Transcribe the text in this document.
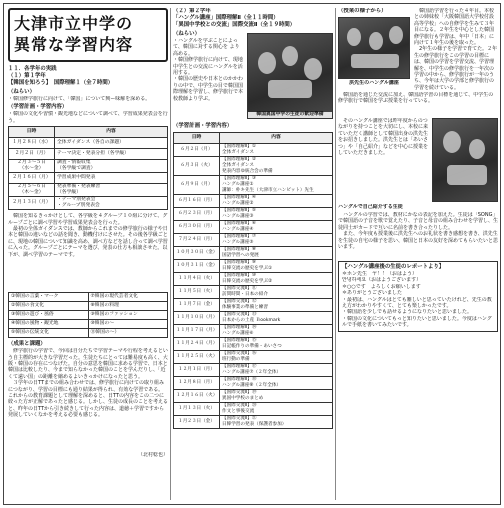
大津市立中学の
異常な学習内容
１１．各学年の実践
（１）第１学年
【韓国を知ろう】　国際理解１（全７時間）
（ねらい）
・韓国修学旅行に向けて、「韓国」について興ー味解を深める。
（学習計画・学習内容）
・韓国の文化や習慣・観光地などについて調べて、学習成果発表会を行う。
日時	内容
１月２８日（水）	全体ガイダンス（各自の課題）
２月２日（月）	テーマ決定・発表分担（各学級）
２月３～５日
（水～金）	調査・情報収集
（各学級で調査）
２月１６日（月）	学習成果中間発表
２月５～６日
（木～金）	発表準備・発表練習
（各学級）
２月１３日（月）	・テーマ別発表会
・グループ別発表会
　韓国を知るきっかけとして、各学級を４グループ１０組に分けて、グループごとに調べ学習や学習成果発表会を行った。
　最初の全体ガイダンスでは、教師からこれまでの修学旅行の様子や日本と韓国の違いなどの話を聞き、動機付けにさせた。その後各学級ごとに、現地の韓国について知識を高め、調べ方などを話し合って調べ学習に入った。グループごとにテーマを選び、発表の仕方も相談させた。以下が、調べ学習のテーマです。
①韓国の言葉・マーク	⑦韓国の現代芸者文化
②韓国の食文化	⑧韓国の料理
③韓国の遊び・風俗	⑨韓国のファッション
④韓国の風物・観光地	⑩韓国の～
⑤韓国の伝統文化	⑪韓国の～）
（成果と課題）
　修学旅行の学習で、今回は自分たちで学習テーマや行程を考えるという自主標的が大きな学習だった。生徒たちにとっては難易度も高く、大阪・韓国の存在につなげた。自分の意思を韓国に求める学習で、日本と韓国は比較したり、今まで知らなかった韓国のことを学んだりし、「近くて遠い国」の距離を縮めるよいきっかけになったと思う。
　３学年の日TTまでの組み合わせでは、修学旅行に向けての取り組みにつながり、学習の目標にも通り結果が得られ、有効な学習である。これからの教育課題として理解を深めると、日TTの内容をこの二つに絞った方が正解であったと感じる。しかし、生徒の成長のことを考えると、昨年の日TTから引き続きして行った内容は、道徳＋学習ですから発展していくなかを考える必要も感じる。
（北村稔也）
（２）第２学年
「ハングル講座」国際理解Ⅱ（全１１時間）
「異国中学校との交流」国際交流Ⅱ（全１９時間）
（ねらい）
・ハングルを学ぶことによって、韓国に対する関心を より高める。
・韓国修学旅行に向けて、現地中学生との交流にハングルを活用する。
・韓国の歴史や日本とのかかわりの中で、中学生の目で韓国国際理解を学習し、修学旅行で本校教師より学ぶ。
韓国異国中学の生徒の歓迎準備
（学習計画・学習内容）
日時	内容
６月２日（月）	【国際理解Ⅱ】①
全体ガイダンス
６月３日（火）	【国際理解Ⅱ】②
全体ガイダンス
発表内容ゆ統合会の準備
６月９日（月）	【国際理解Ⅱ】③
ハングル講座①
講師：朴キ先生（大津市立ハンビット）先生
６月１６日（月）	【国際理解Ⅱ】④
ハングル講座②
６月２３日（月）	【国際理解Ⅱ】⑤
ハングル講座③
６月３０日（月）	【国際理解Ⅱ】⑥
ハングル講座④
７月２４日（月）	【国際理解Ⅱ】⑦
ハングル講座⑤
１０月３０日（金）	【国際理解Ⅱ】⑧
国語学習への発展
１０月３１日（金）	【国際理解Ⅱ】⑨
日韓交流の歴史を学ぶ①
１１月４日（火）	【国際理解Ⅱ】⑩
日韓交流の歴史を学ぶ②
１１月５日（火）	【国際交流Ⅱ】⑪
訪問時間・日本の紹介
１１月７日（金）	【国際交流Ⅱ】⑫
体験事業の準備と練習
１１月１０日（月）	【国際交流Ⅱ】⑬
日本からの土産 Ｂookmark
１１月１７日（月）	【国際理解Ⅱ】⑭
ハングル講座⑥
１１月２４日（月）	【国際理解Ⅱ】⑮
日記帳作りの準備・あいさつ
１１月２５日（火）	【国際交流Ⅱ】⑯
班行動の準備
１２月１日（月）	【国際理解Ⅱ】⑰
ハングル講座⑦（２年全体）
１２月８日（月）	【国際理解Ⅱ】⑱
ハングル講座⑧（２年全体）
１２月１６日（火）	【国際交流Ⅱ】⑲
異国中学校のまとめ
１月１３日（火）	【国際交流Ⅱ】⑳
作文と事後交流
１月２３日（金）	【国際交流Ⅱ】㉑
日韓学習の発表（保護者参加）
（授業の様子から）	　韓国語学習を行った４年目。本校との姉妹校「大阪韓国語大学校付設高等学校」への自修学を生みて３年目になる。２年生を中心とした韓国修学旅行も学習は、年中「日本」に向けて１年生の後を取った。
　2年生の様子を学習で育てた。２年生の修学旅行をこの学習の目標には、韓国の学習を学習交流、学習理解を、中学生の修学旅行を一年次の学習の中から、修学旅行が一年のうち、今年は大学の学部と修学旅行の学習を続けている。
洪先生のハングル講座
　韓国語を通じた交流に加え、韓国語学習の目標を通じて、中学生の修学旅行で韓国を学ぶ授業を行っている。
　そのハングル講座では昨年度からのつながりを持つことを大切にし、本校に来ていただく講師として韓国出身の洪先生をお招きしました。洪先生とは「あいさつ」や「自己紹介」などを中心に授業をしていただきました。
ハングルで自己紹介する生徒
　ハングルの学習では、教材にかなの表記を加えた。生徒は「SONG」で韓国語の子音を歌で覚えたり、子音と母音の組み合わせを学習し、生徒同士がカードで互いに名前を書き合ったりした。
　また、今年度も授業後に洪先生へのお礼状を書き感想を書き、洪先生を生徒の自宅の様子を思い、韓国と日本の友好を深めてもらいたいと思います。
【ハングル講座後の生徒のレポートより】
＊ホン先生　ヤ！！（おはよう）
안녕하세요（おはようございます）
＊○○です　よろしくお願いします
＊ありがとうございました
・最初は、ハングルはとても難しいと思っていたけれど、先生の教え方がわかりやすくて、とても楽しかったです。
・韓国語を少しでも話せるようになりたいと思いました。
・韓国の文化についてもっと知りたいと思いました。今度はハングルで手紙を書いてみたいです。
